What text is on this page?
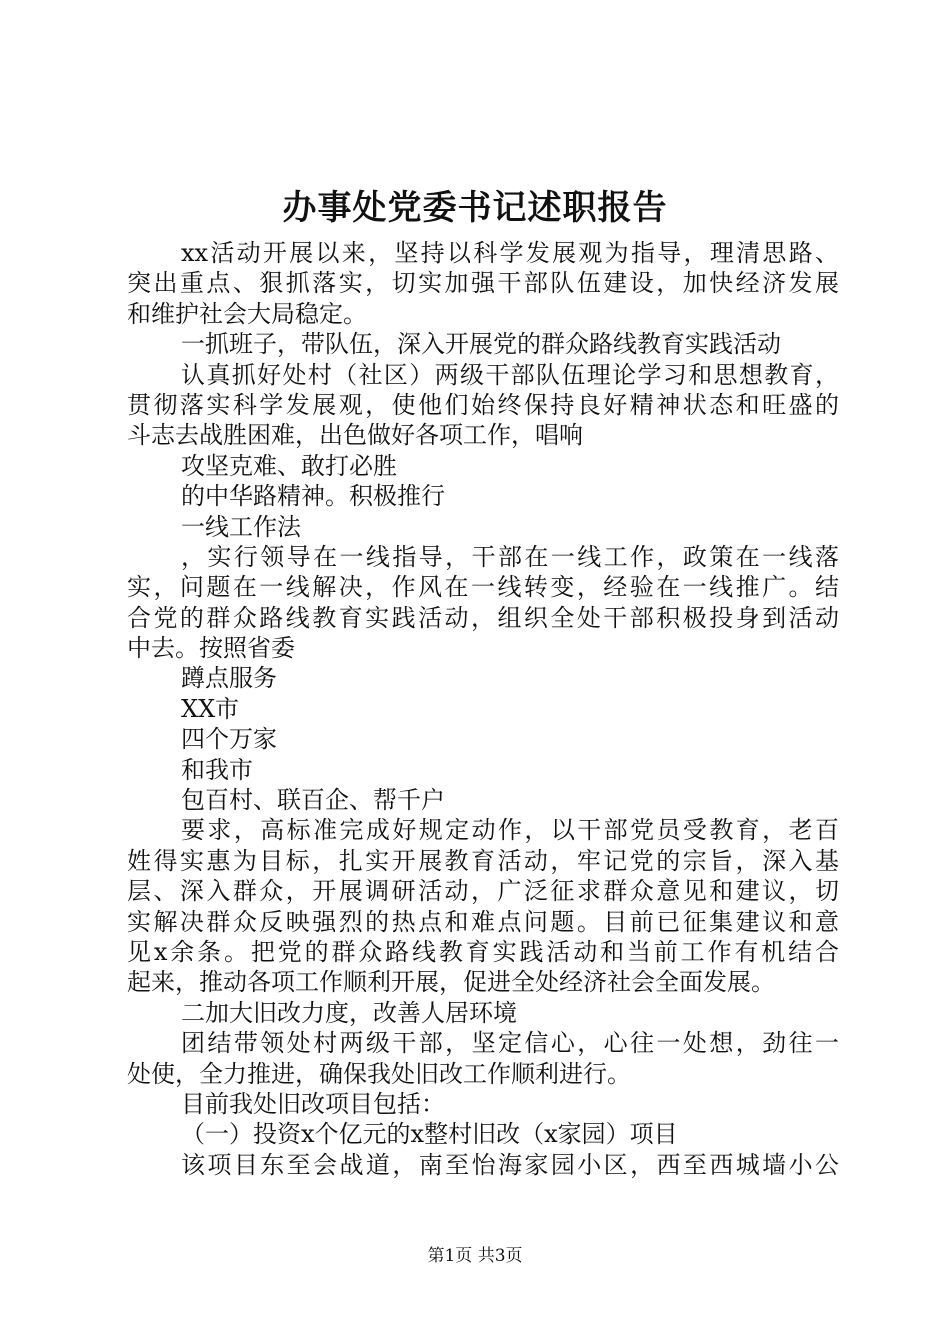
办事处党委书记述职报告
xx活动开展以来，坚持以科学发展观为指导，理清思路、
突出重点、狠抓落实，切实加强干部队伍建设，加快经济发展
和维护社会大局稳定。
一抓班子，带队伍，深入开展党的群众路线教育实践活动
认真抓好处村（社区）两级干部队伍理论学习和思想教育，
贯彻落实科学发展观，使他们始终保持良好精神状态和旺盛的
斗志去战胜困难，出色做好各项工作，唱响
攻坚克难、敢打必胜
的中华路精神。积极推行
一线工作法
，实行领导在一线指导，干部在一线工作，政策在一线落
实，问题在一线解决，作风在一线转变，经验在一线推广。结
合党的群众路线教育实践活动，组织全处干部积极投身到活动
中去。按照省委
蹲点服务
XX市
四个万家
和我市
包百村、联百企、帮千户
要求，高标准完成好规定动作，以干部党员受教育，老百
姓得实惠为目标，扎实开展教育活动，牢记党的宗旨，深入基
层、深入群众，开展调研活动，广泛征求群众意见和建议，切
实解决群众反映强烈的热点和难点问题。目前已征集建议和意
见x余条。把党的群众路线教育实践活动和当前工作有机结合
起来，推动各项工作顺利开展，促进全处经济社会全面发展。
二加大旧改力度，改善人居环境
团结带领处村两级干部，坚定信心，心往一处想，劲往一
处使，全力推进，确保我处旧改工作顺利进行。
目前我处旧改项目包括：
（一）投资x个亿元的x整村旧改（x家园）项目
该项目东至会战道，南至怡海家园小区，西至西城墙小公
第1页 共3页
